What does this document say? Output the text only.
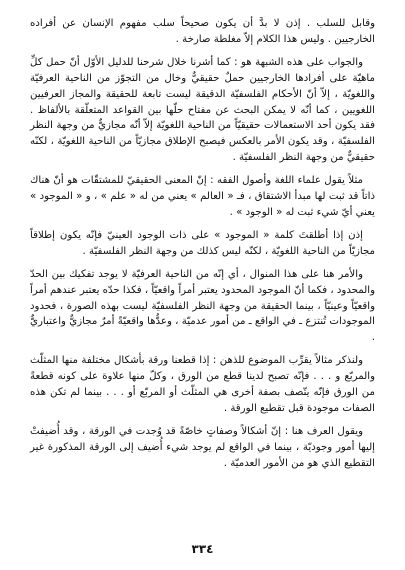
وقابل للسلب . إذن لا بدَّ أن يكون صحيحاً سلب مفهوم الإنسان عن أفراده الخارجيين . وليس هذا الكلام إلاّ مغلطة صارخة .

والجواب على هذه الشبهة هو : كما أشرنا خلال شرحنا للدليل الأوّل أنّ حمل كلِّ ماهيّة على أفرادها الخارجيين حملٌ حقيقيٌّ وخال من التجوّز من الناحية العرفيّة واللغويّة ، إلاّ أنّ الأحكام الفلسفيّة الدقيقة ليست تابعة للحقيقة والمجاز العرفيين اللغويين ، كما أنّه لا يمكن البحث عن مفتاح حلّها بين القواعد المتعلّقة بالألفاظ . فقد يكون أحد الاستعمالات حقيقيّاً من الناحية اللغويّة إلاّ أنّه مجازيٌّ من وجهة النظر الفلسفيّة ، وقد يكون الأمر بالعكس فيصبح الإطلاق مجازيّاً من الناحية اللغويّة ، لكنّه حقيقيٌّ من وجهة النظر الفلسفيّة .

مثلاً يقول علماء اللغة وأصول الفقه : إنّ المعنى الحقيقيّ للمشتقّات هو أنّ هناك ذاتاً قد ثبت لها مبدأ الاشتقاق ، فـ « العالم » يعني من له « علم » ، و « الموجود » يعني أيّ شيء ثبت له « الوجود » .

إذن إذا أطلقتَ كلمة « الموجود » على ذات الوجود العينيّ فإنّه يكون إطلاقاً مجازيّاً من الناحية اللغويّة ، لكنّه ليس كذلك من وجهة النظر الفلسفيّة .

والأمر هنا على هذا المنوال ، أي إنّه من الناحية العرفيّة لا يوجد تفكيك بين الحدّ والمحدود ، فكما أنّ الموجود المحدود يعتبر أمراً واقعيّاً ، فكذا حدّه يعتبر عندهم أمراً واقعيّاً وعينيّاً ، بينما الحقيقة من وجهة النظر الفلسفيّة ليست بهذه الصورة ، فحدود الموجودات تُنتزع ـ في الواقع ـ من أمور عدميّة ، وعدُّها واقعيّةً أمرٌ مجازيٌّ واعتباريٌّ .

ولنذكر مثالاً يقرِّب الموضوع للذهن : إذا قطعنا ورقة بأشكال مختلفة منها المثلّث والمربّع و . . . فإنّه تصبح لدينا قطع من الورق ، وكلّ منها علاوة على كونه قطعةً من الورق فإنّه يتّصف بصفة أخرى هي المثلّث أو المربّع أو . . . بينما لم تكن هذه الصفات موجودة قبل تقطيع الورقة .

ويقول العرف هنا : إنّ أشكالاً وصفاتٍ خاصّةً قد وُجدت في الورقة ، وقد أُضيفتْ إليها أمور وجوديّة ، بينما في الواقع لم يوجد شيء أُضيف إلى الورقة المذكورة غير التقطيع الذي هو من الأمور العدميّة .

٣٣٤
